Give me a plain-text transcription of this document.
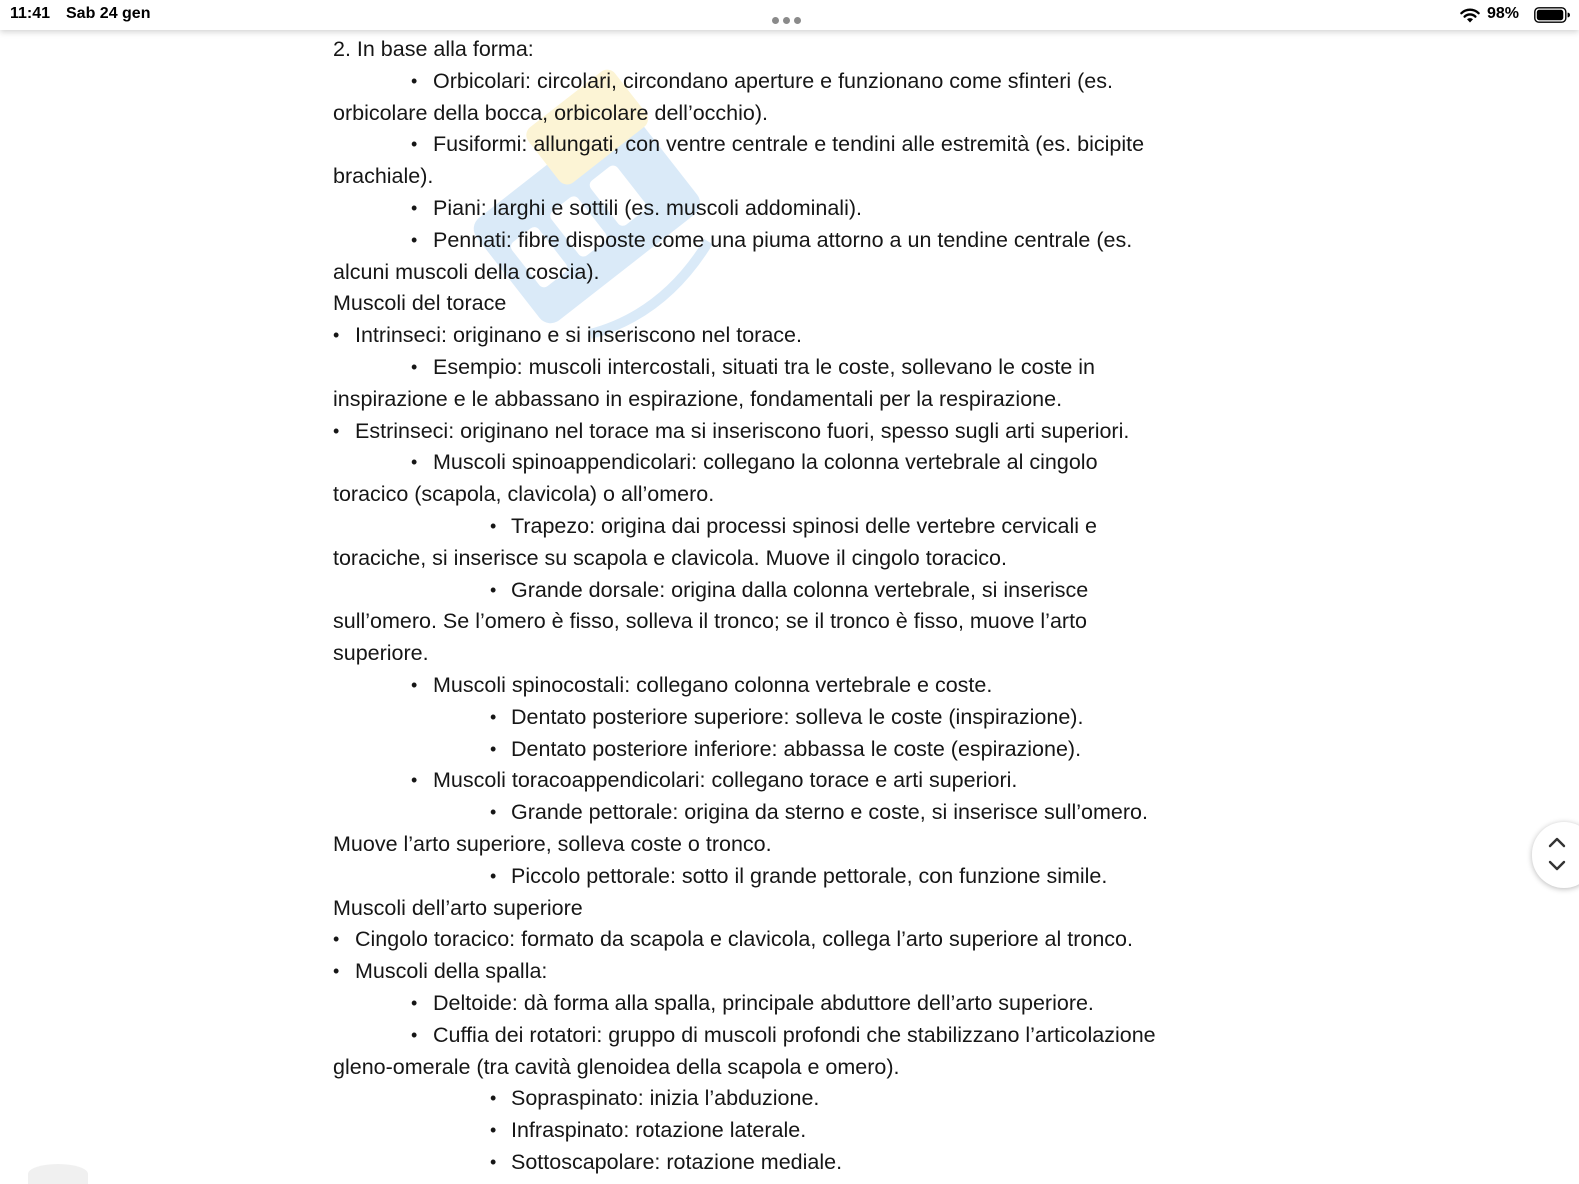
11:41 Sab 24 gen	98%
2. In base alla forma:
• Orbicolari: circolari, circondano aperture e funzionano come sfinteri (es.
orbicolare della bocca, orbicolare dell’occhio).
• Fusiformi: allungati, con ventre centrale e tendini alle estremità (es. bicipite
brachiale).
• Piani: larghi e sottili (es. muscoli addominali).
• Pennati: fibre disposte come una piuma attorno a un tendine centrale (es.
alcuni muscoli della coscia).
Muscoli del torace
• Intrinseci: originano e si inseriscono nel torace.
• Esempio: muscoli intercostali, situati tra le coste, sollevano le coste in
inspirazione e le abbassano in espirazione, fondamentali per la respirazione.
• Estrinseci: originano nel torace ma si inseriscono fuori, spesso sugli arti superiori.
• Muscoli spinoappendicolari: collegano la colonna vertebrale al cingolo
toracico (scapola, clavicola) o all’omero.
• Trapezo: origina dai processi spinosi delle vertebre cervicali e
toraciche, si inserisce su scapola e clavicola. Muove il cingolo toracico.
• Grande dorsale: origina dalla colonna vertebrale, si inserisce
sull’omero. Se l’omero è fisso, solleva il tronco; se il tronco è fisso, muove l’arto
superiore.
• Muscoli spinocostali: collegano colonna vertebrale e coste.
• Dentato posteriore superiore: solleva le coste (inspirazione).
• Dentato posteriore inferiore: abbassa le coste (espirazione).
• Muscoli toracoappendicolari: collegano torace e arti superiori.
• Grande pettorale: origina da sterno e coste, si inserisce sull’omero.
Muove l’arto superiore, solleva coste o tronco.
• Piccolo pettorale: sotto il grande pettorale, con funzione simile.
Muscoli dell’arto superiore
• Cingolo toracico: formato da scapola e clavicola, collega l’arto superiore al tronco.
• Muscoli della spalla:
• Deltoide: dà forma alla spalla, principale abduttore dell’arto superiore.
• Cuffia dei rotatori: gruppo di muscoli profondi che stabilizzano l’articolazione
gleno-omerale (tra cavità glenoidea della scapola e omero).
• Sopraspinato: inizia l’abduzione.
• Infraspinato: rotazione laterale.
• Sottoscapolare: rotazione mediale.
